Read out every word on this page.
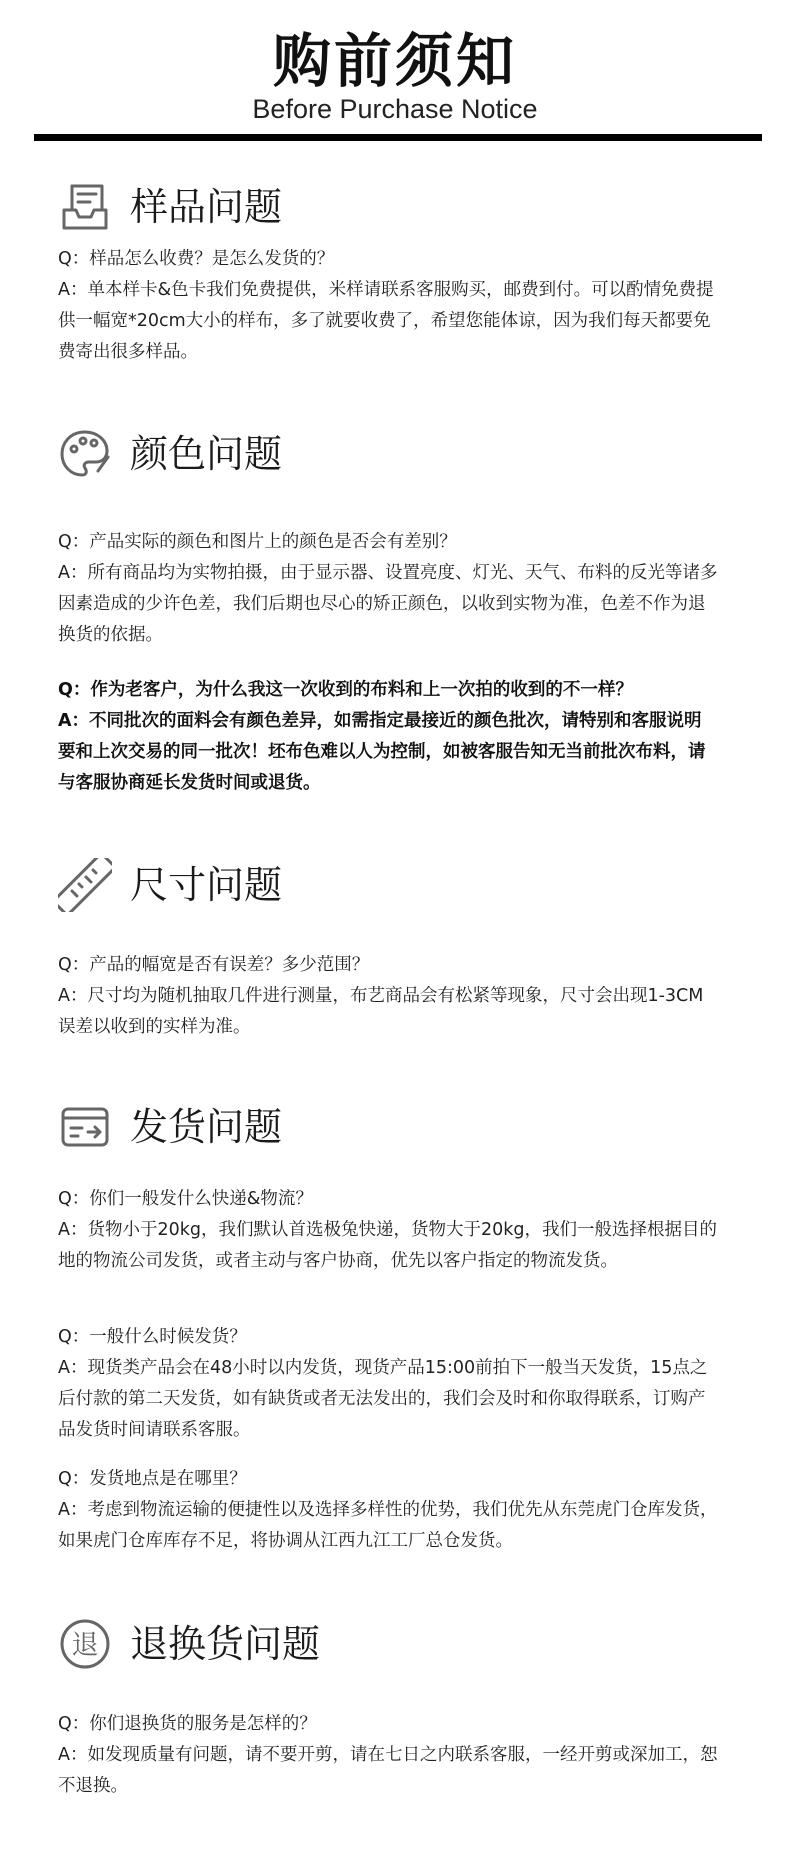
购前须知
Before Purchase Notice
样品问题

Q：样品怎么收费？是怎么发货的？

A：单本样卡&色卡我们免费提供，米样请联系客服购买，邮费到付。可以酌情免费提供一幅宽*20cm大小的样布，多了就要收费了，希望您能体谅，因为我们每天都要免费寄出很多样品。

颜色问题

Q：产品实际的颜色和图片上的颜色是否会有差别？

A：所有商品均为实物拍摄，由于显示器、设置亮度、灯光、天气、布料的反光等诸多因素造成的少许色差，我们后期也尽心的矫正颜色，以收到实物为准，色差不作为退换货的依据。

Q：作为老客户，为什么我这一次收到的布料和上一次拍的收到的不一样？

A：不同批次的面料会有颜色差异，如需指定最接近的颜色批次，请特别和客服说明要和上次交易的同一批次！坯布色难以人为控制，如被客服告知无当前批次布料，请与客服协商延长发货时间或退货。

尺寸问题

Q：产品的幅宽是否有误差？多少范围？

A：尺寸均为随机抽取几件进行测量，布艺商品会有松紧等现象，尺寸会出现1-3CM误差以收到的实样为准。

发货问题

Q：你们一般发什么快递&物流？

A：货物小于20kg，我们默认首选极兔快递，货物大于20kg，我们一般选择根据目的地的物流公司发货，或者主动与客户协商，优先以客户指定的物流发货。

Q：一般什么时候发货？

A：现货类产品会在48小时以内发货，现货产品15:00前拍下一般当天发货，15点之后付款的第二天发货，如有缺货或者无法发出的，我们会及时和你取得联系，订购产品发货时间请联系客服。

Q：发货地点是在哪里？

A：考虑到物流运输的便捷性以及选择多样性的优势，我们优先从东莞虎门仓库发货，如果虎门仓库库存不足，将协调从江西九江工厂总仓发货。

退 退换货问题

Q：你们退换货的服务是怎样的？

A：如发现质量有问题，请不要开剪，请在七日之内联系客服，一经开剪或深加工，恕不退换。
